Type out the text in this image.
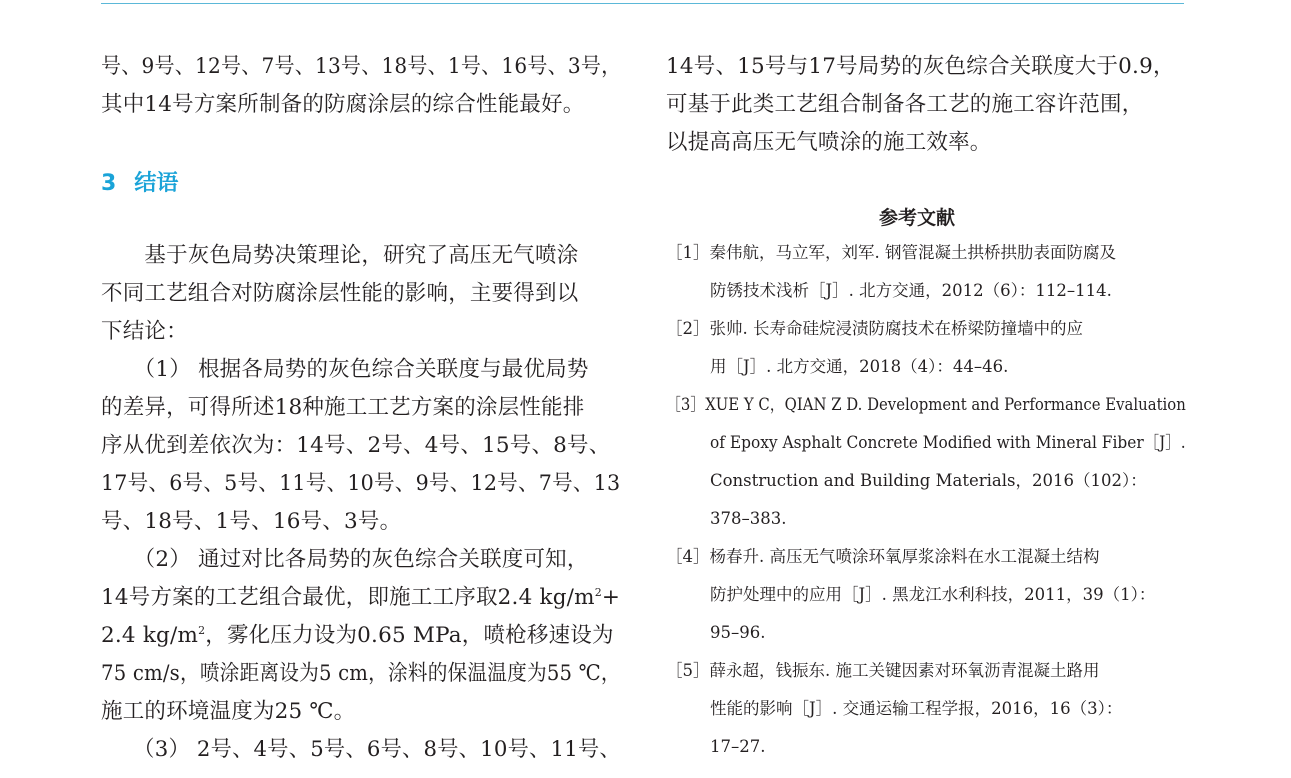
号、9号、12号、7号、13号、18号、1号、16号、3号，
其中14号方案所制备的防腐涂层的综合性能最好。
3 结语
　　基于灰色局势决策理论，研究了高压无气喷涂
不同工艺组合对防腐涂层性能的影响，主要得到以
下结论：
　　（1） 根据各局势的灰色综合关联度与最优局势
的差异，可得所述18种施工工艺方案的涂层性能排
序从优到差依次为：14号、2号、4号、15号、8号、
17号、6号、5号、11号、10号、9号、12号、7号、13
号、18号、1号、16号、3号。
　　（2） 通过对比各局势的灰色综合关联度可知，
14号方案的工艺组合最优，即施工工序取2.4 $kg/m^2+$
2.4 $kg/m^2$，雾化压力设为0.65 MPa，喷枪移速设为
75 cm/s，喷涂距离设为5 cm，涂料的保温温度为55 ℃，
施工的环境温度为25 ℃。
　　（3） 2号、4号、5号、6号、8号、10号、11号、
14号、15号与17号局势的灰色综合关联度大于0.9，
可基于此类工艺组合制备各工艺的施工容许范围，
以提高高压无气喷涂的施工效率。
参考文献
［1］秦伟航，马立军，刘军. 钢管混凝土拱桥拱肋表面防腐及
防锈技术浅析［J］. 北方交通，2012（6）：112–114.
［2］张帅. 长寿命硅烷浸渍防腐技术在桥梁防撞墙中的应
用［J］. 北方交通，2018（4）：44–46.
［3］XUE Y C，QIAN Z D. Development and Performance Evaluation
of Epoxy Asphalt Concrete Modified with Mineral Fiber［J］.
Construction and Building Materials，2016（102）：
378–383.
［4］杨春升. 高压无气喷涂环氧厚浆涂料在水工混凝土结构
防护处理中的应用［J］. 黑龙江水利科技，2011，39（1）：
95–96.
［5］薛永超，钱振东. 施工关键因素对环氧沥青混凝土路用
性能的影响［J］. 交通运输工程学报，2016，16（3）：
17–27.
